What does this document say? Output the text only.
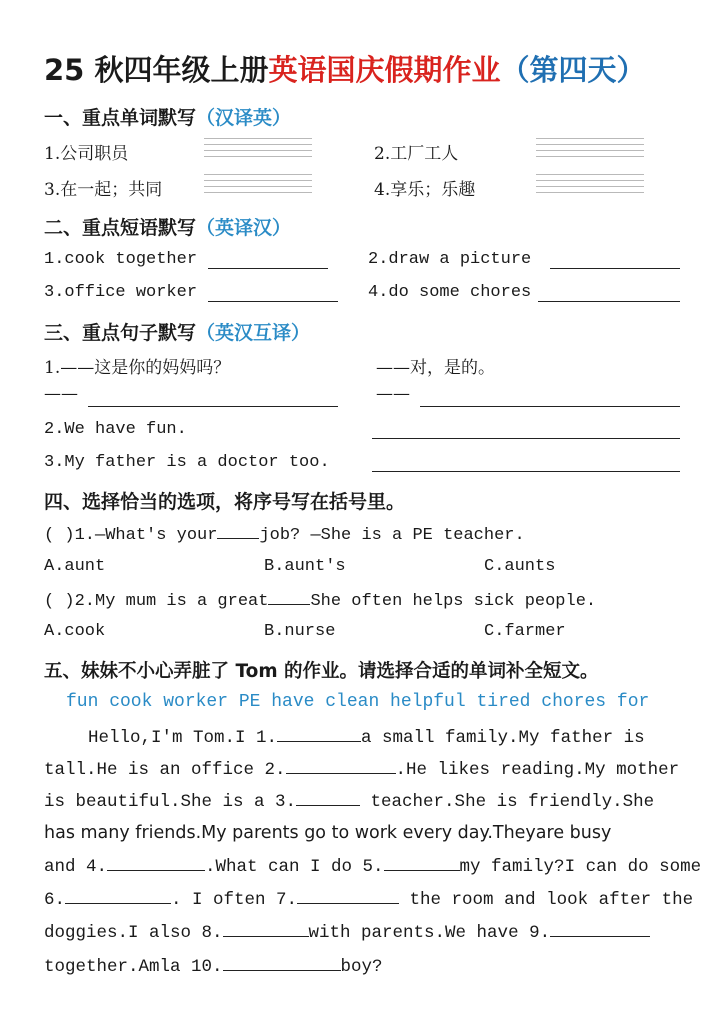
25 秋四年级上册英语国庆假期作业（第四天）
一、重点单词默写（汉译英）
1.公司职员	2.工厂工人
3.在一起；共同	4.享乐；乐趣
二、重点短语默写（英译汉）
1.cook together	2.draw a picture
3.office worker	4.do some chores
三、重点句子默写（英汉互译）
1.——这是你的妈妈吗？	——对，是的。
——	——
2.We have fun.
3.My father is a doctor too.
四、选择恰当的选项，将序号写在括号里。
( )1.—What's your job? —She is a PE teacher.
A.aunt	B.aunt's	C.aunts
( )2.My mum is a great She often helps sick people.
A.cook	B.nurse	C.farmer
五、妹妹不小心弄脏了 Tom 的作业。请选择合适的单词补全短文。
fun cook worker PE have clean helpful tired chores for
Hello,I'm Tom.I 1.	a small family.My father is
tall.He is an office 2.	.He likes reading.My mother
is beautiful.She is a 3.	teacher.She is friendly.She
has many friends.My parents go to work every day.Theyare busy
and 4.	.What can I do 5.	my family?I can do some
6.	. I often 7.	the room and look after the
doggies.I also 8.	with parents.We have 9.
together.Amla 10.	boy?
